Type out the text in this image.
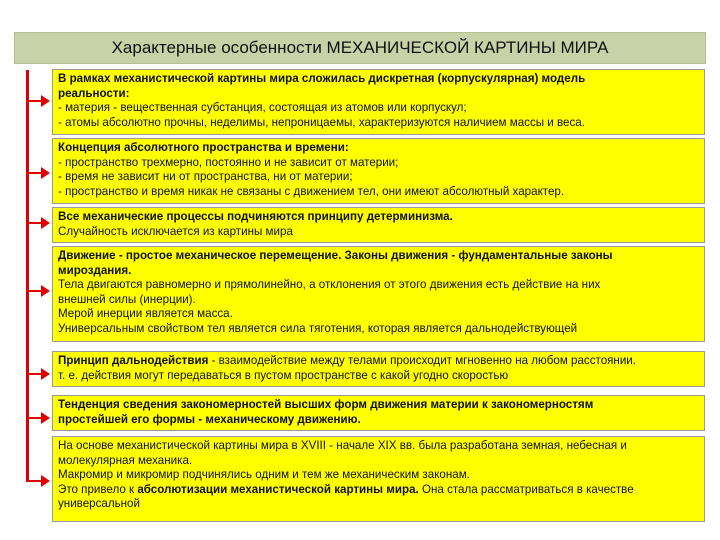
Характерные особенности МЕХАНИЧЕСКОЙ КАРТИНЫ МИРА
В рамках механистической картины мира сложилась дискретная (корпускулярная) модель
реальности:
- материя - вещественная субстанция, состоящая из атомов или корпускул;
- атомы абсолютно прочны, неделимы, непроницаемы, характеризуются наличием массы и веса.
Концепция абсолютного пространства и времени:
- пространство трехмерно, постоянно и не зависит от материи;
- время не зависит ни от пространства, ни от материи;
- пространство и время никак не связаны с движением тел, они имеют абсолютный характер.
Все механические процессы подчиняются принципу детерминизма.
Случайность исключается из картины мира
Движение - простое механическое перемещение. Законы движения - фундаментальные законы
мироздания.
Тела двигаются равномерно и прямолинейно, а отклонения от этого движения есть действие на них
внешней силы (инерции).
Мерой инерции является масса.
Универсальным свойством тел является сила тяготения, которая является дальнодействующей
Принцип дальнодействия - взаимодействие между телами происходит мгновенно на любом расстоянии.
т. е. действия могут передаваться в пустом пространстве с какой угодно скоростью
Тенденция сведения закономерностей высших форм движения материи к закономерностям
простейшей его формы - механическому движению.
На основе механистической картины мира в XVIII - начале XIX вв. была разработана земная, небесная и
молекулярная механика.
Макромир и микромир подчинялись одним и тем же механическим законам.
Это привело к абсолютизации механистической картины мира. Она стала рассматриваться в качестве
универсальной
